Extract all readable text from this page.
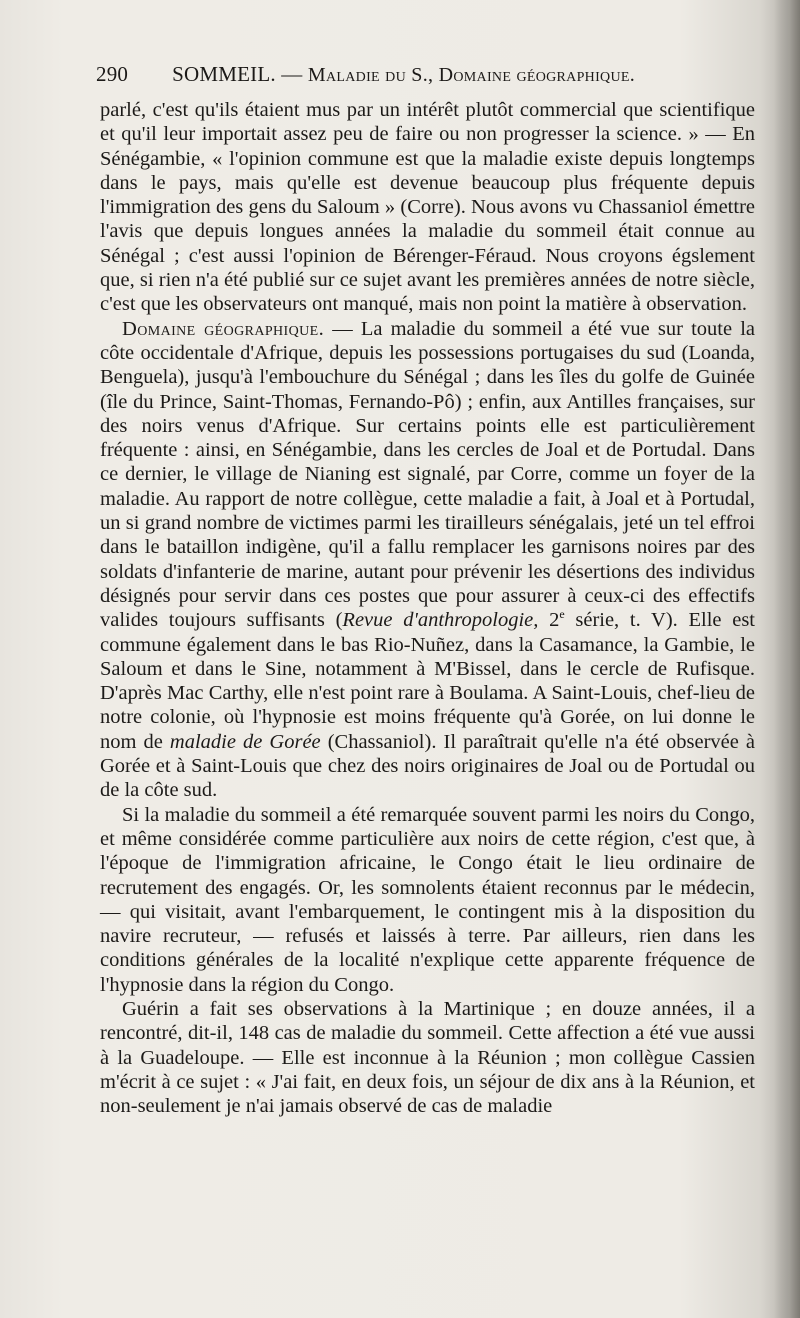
290 SOMMEIL. — Maladie du S., Domaine géographique.

parlé, c'est qu'ils étaient mus par un intérêt plutôt commercial que scientifique et qu'il leur importait assez peu de faire ou non progresser la science. » — En Sénégambie, « l'opinion commune est que la maladie existe depuis longtemps dans le pays, mais qu'elle est devenue beaucoup plus fréquente depuis l'immigration des gens du Saloum » (Corre). Nous avons vu Chassaniol émettre l'avis que depuis longues années la maladie du sommeil était connue au Sénégal ; c'est aussi l'opinion de Bérenger-Féraud. Nous croyons égslement que, si rien n'a été publié sur ce sujet avant les premières années de notre siècle, c'est que les observateurs ont manqué, mais non point la matière à observation.

Domaine géographique. — La maladie du sommeil a été vue sur toute la côte occidentale d'Afrique, depuis les possessions portugaises du sud (Loanda, Benguela), jusqu'à l'embouchure du Sénégal ; dans les îles du golfe de Guinée (île du Prince, Saint-Thomas, Fernando-Pô) ; enfin, aux Antilles françaises, sur des noirs venus d'Afrique. Sur certains points elle est particulièrement fréquente : ainsi, en Sénégambie, dans les cercles de Joal et de Portudal. Dans ce dernier, le village de Nianing est signalé, par Corre, comme un foyer de la maladie. Au rapport de notre collègue, cette maladie a fait, à Joal et à Portudal, un si grand nombre de victimes parmi les tirailleurs sénégalais, jeté un tel effroi dans le bataillon indigène, qu'il a fallu remplacer les garnisons noires par des soldats d'infanterie de marine, autant pour prévenir les désertions des individus désignés pour servir dans ces postes que pour assurer à ceux-ci des effectifs valides toujours suffisants (Revue d'anthropologie, 2e série, t. V). Elle est commune également dans le bas Rio-Nuñez, dans la Casamance, la Gambie, le Saloum et dans le Sine, notamment à M'Bissel, dans le cercle de Rufisque. D'après Mac Carthy, elle n'est point rare à Boulama. A Saint-Louis, chef-lieu de notre colonie, où l'hypnosie est moins fréquente qu'à Gorée, on lui donne le nom de maladie de Gorée (Chassaniol). Il paraîtrait qu'elle n'a été observée à Gorée et à Saint-Louis que chez des noirs originaires de Joal ou de Portudal ou de la côte sud.

Si la maladie du sommeil a été remarquée souvent parmi les noirs du Congo, et même considérée comme particulière aux noirs de cette région, c'est que, à l'époque de l'immigration africaine, le Congo était le lieu ordinaire de recrutement des engagés. Or, les somnolents étaient reconnus par le médecin, — qui visitait, avant l'embarquement, le contingent mis à la disposition du navire recruteur, — refusés et laissés à terre. Par ailleurs, rien dans les conditions générales de la localité n'explique cette apparente fréquence de l'hypnosie dans la région du Congo.

Guérin a fait ses observations à la Martinique ; en douze années, il a rencontré, dit-il, 148 cas de maladie du sommeil. Cette affection a été vue aussi à la Guadeloupe. — Elle est inconnue à la Réunion ; mon collègue Cassien m'écrit à ce sujet : « J'ai fait, en deux fois, un séjour de dix ans à la Réunion, et non-seulement je n'ai jamais observé de cas de maladie
